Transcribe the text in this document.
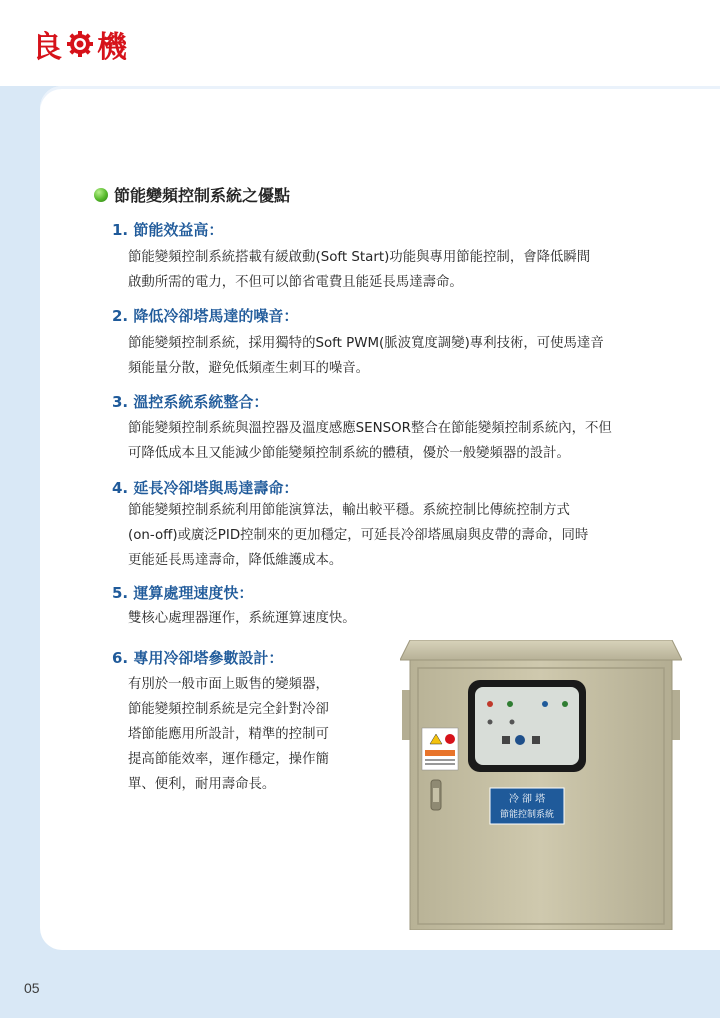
良 機
節能變頻控制系統之優點
1. 節能效益高：
節能變頻控制系統搭載有緩啟動(Soft Start)功能與專用節能控制，會降低瞬間
啟動所需的電力，不但可以節省電費且能延長馬達壽命。
2. 降低冷卻塔馬達的噪音：
節能變頻控制系統，採用獨特的Soft PWM(脈波寬度調變)專利技術，可使馬達音
頻能量分散，避免低頻產生刺耳的噪音。
3. 溫控系統系統整合：
節能變頻控制系統與溫控器及溫度感應SENSOR整合在節能變頻控制系統內，不但
可降低成本且又能減少節能變頻控制系統的體積，優於一般變頻器的設計。
4. 延長冷卻塔與馬達壽命：
節能變頻控制系統利用節能演算法，輸出較平穩。系統控制比傳統控制方式
(on-off)或廣泛PID控制來的更加穩定，可延長冷卻塔風扇與皮帶的壽命，同時
更能延長馬達壽命，降低維護成本。
5. 運算處理速度快：
雙核心處理器運作，系統運算速度快。
6. 專用冷卻塔參數設計：
有別於一般市面上販售的變頻器，
節能變頻控制系統是完全針對冷卻
塔節能應用所設計，精準的控制可
提高節能效率，運作穩定，操作簡
單、便利，耐用壽命長。
冷 卻 塔
節能控制系統
05
